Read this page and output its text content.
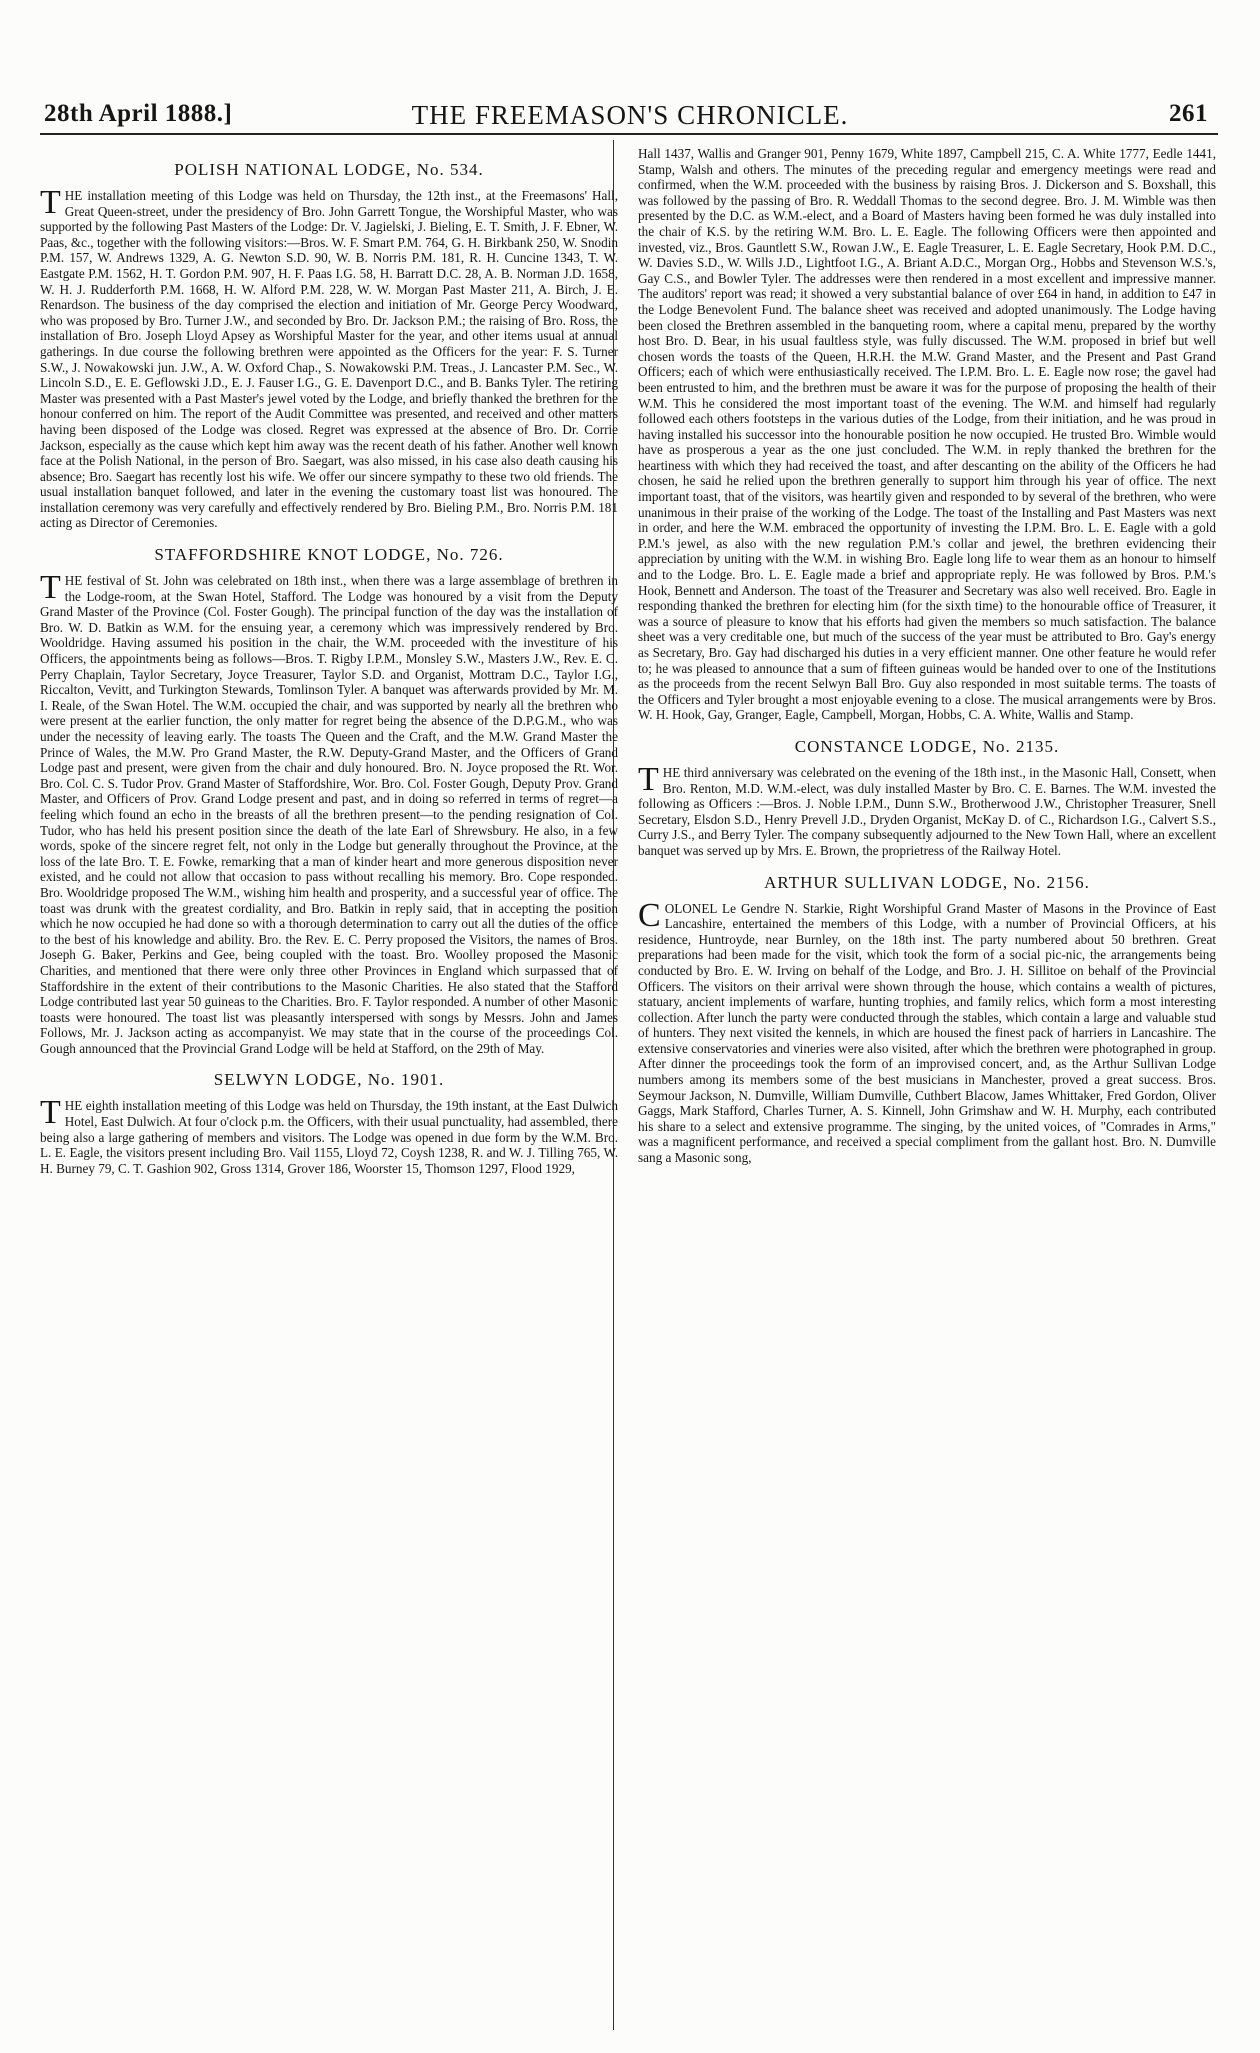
28th April 1888.]	THE FREEMASON'S CHRONICLE.	261
POLISH NATIONAL LODGE, No. 534.

THE installation meeting of this Lodge was held on Thursday, the 12th inst., at the Freemasons' Hall, Great Queen-street, under the presidency of Bro. John Garrett Tongue, the Worshipful Master, who was supported by the following Past Masters of the Lodge: Dr. V. Jagielski, J. Bieling, E. T. Smith, J. F. Ebner, W. Paas, &c., together with the following visitors:—Bros. W. F. Smart P.M. 764, G. H. Birkbank 250, W. Snodin P.M. 157, W. Andrews 1329, A. G. Newton S.D. 90, W. B. Norris P.M. 181, R. H. Cuncine 1343, T. W. Eastgate P.M. 1562, H. T. Gordon P.M. 907, H. F. Paas I.G. 58, H. Barratt D.C. 28, A. B. Norman J.D. 1658, W. H. J. Rudderforth P.M. 1668, H. W. Alford P.M. 228, W. W. Morgan Past Master 211, A. Birch, J. E. Renardson. The business of the day comprised the election and initiation of Mr. George Percy Woodward, who was proposed by Bro. Turner J.W., and seconded by Bro. Dr. Jackson P.M.; the raising of Bro. Ross, the installation of Bro. Joseph Lloyd Apsey as Worshipful Master for the year, and other items usual at annual gatherings. In due course the following brethren were appointed as the Officers for the year: F. S. Turner S.W., J. Nowakowski jun. J.W., A. W. Oxford Chap., S. Nowakowski P.M. Treas., J. Lancaster P.M. Sec., W. Lincoln S.D., E. E. Geflowski J.D., E. J. Fauser I.G., G. E. Davenport D.C., and B. Banks Tyler. The retiring Master was presented with a Past Master's jewel voted by the Lodge, and briefly thanked the brethren for the honour conferred on him. The report of the Audit Committee was presented, and received and other matters having been disposed of the Lodge was closed. Regret was expressed at the absence of Bro. Dr. Corrie Jackson, especially as the cause which kept him away was the recent death of his father. Another well known face at the Polish National, in the person of Bro. Saegart, was also missed, in his case also death causing his absence; Bro. Saegart has recently lost his wife. We offer our sincere sympathy to these two old friends. The usual installation banquet followed, and later in the evening the customary toast list was honoured. The installation ceremony was very carefully and effectively rendered by Bro. Bieling P.M., Bro. Norris P.M. 181 acting as Director of Ceremonies.

STAFFORDSHIRE KNOT LODGE, No. 726.

THE festival of St. John was celebrated on 18th inst., when there was a large assemblage of brethren in the Lodge-room, at the Swan Hotel, Stafford. The Lodge was honoured by a visit from the Deputy Grand Master of the Province (Col. Foster Gough). The principal function of the day was the installation of Bro. W. D. Batkin as W.M. for the ensuing year, a ceremony which was impressively rendered by Bro. Wooldridge. Having assumed his position in the chair, the W.M. proceeded with the investiture of his Officers, the appointments being as follows—Bros. T. Rigby I.P.M., Monsley S.W., Masters J.W., Rev. E. C. Perry Chaplain, Taylor Secretary, Joyce Treasurer, Taylor S.D. and Organist, Mottram D.C., Taylor I.G., Riccalton, Vevitt, and Turkington Stewards, Tomlinson Tyler. A banquet was afterwards provided by Mr. M. I. Reale, of the Swan Hotel. The W.M. occupied the chair, and was supported by nearly all the brethren who were present at the earlier function, the only matter for regret being the absence of the D.P.G.M., who was under the necessity of leaving early. The toasts The Queen and the Craft, and the M.W. Grand Master the Prince of Wales, the M.W. Pro Grand Master, the R.W. Deputy-Grand Master, and the Officers of Grand Lodge past and present, were given from the chair and duly honoured. Bro. N. Joyce proposed the Rt. Wor. Bro. Col. C. S. Tudor Prov. Grand Master of Staffordshire, Wor. Bro. Col. Foster Gough, Deputy Prov. Grand Master, and Officers of Prov. Grand Lodge present and past, and in doing so referred in terms of regret—a feeling which found an echo in the breasts of all the brethren present—to the pending resignation of Col. Tudor, who has held his present position since the death of the late Earl of Shrewsbury. He also, in a few words, spoke of the sincere regret felt, not only in the Lodge but generally throughout the Province, at the loss of the late Bro. T. E. Fowke, remarking that a man of kinder heart and more generous disposition never existed, and he could not allow that occasion to pass without recalling his memory. Bro. Cope responded. Bro. Wooldridge proposed The W.M., wishing him health and prosperity, and a successful year of office. The toast was drunk with the greatest cordiality, and Bro. Batkin in reply said, that in accepting the position which he now occupied he had done so with a thorough determination to carry out all the duties of the office to the best of his knowledge and ability. Bro. the Rev. E. C. Perry proposed the Visitors, the names of Bros. Joseph G. Baker, Perkins and Gee, being coupled with the toast. Bro. Woolley proposed the Masonic Charities, and mentioned that there were only three other Provinces in England which surpassed that of Staffordshire in the extent of their contributions to the Masonic Charities. He also stated that the Stafford Lodge contributed last year 50 guineas to the Charities. Bro. F. Taylor responded. A number of other Masonic toasts were honoured. The toast list was pleasantly interspersed with songs by Messrs. John and James Follows, Mr. J. Jackson acting as accompanyist. We may state that in the course of the proceedings Col. Gough announced that the Provincial Grand Lodge will be held at Stafford, on the 29th of May.

SELWYN LODGE, No. 1901.

THE eighth installation meeting of this Lodge was held on Thursday, the 19th instant, at the East Dulwich Hotel, East Dulwich. At four o'clock p.m. the Officers, with their usual punctuality, had assembled, there being also a large gathering of members and visitors. The Lodge was opened in due form by the W.M. Bro. L. E. Eagle, the visitors present including Bro. Vail 1155, Lloyd 72, Coysh 1238, R. and W. J. Tilling 765, W. H. Burney 79, C. T. Gashion 902, Gross 1314, Grover 186, Woorster 15, Thomson 1297, Flood 1929,

Hall 1437, Wallis and Granger 901, Penny 1679, White 1897, Campbell 215, C. A. White 1777, Eedle 1441, Stamp, Walsh and others. The minutes of the preceding regular and emergency meetings were read and confirmed, when the W.M. proceeded with the business by raising Bros. J. Dickerson and S. Boxshall, this was followed by the passing of Bro. R. Weddall Thomas to the second degree. Bro. J. M. Wimble was then presented by the D.C. as W.M.-elect, and a Board of Masters having been formed he was duly installed into the chair of K.S. by the retiring W.M. Bro. L. E. Eagle. The following Officers were then appointed and invested, viz., Bros. Gauntlett S.W., Rowan J.W., E. Eagle Treasurer, L. E. Eagle Secretary, Hook P.M. D.C., W. Davies S.D., W. Wills J.D., Lightfoot I.G., A. Briant A.D.C., Morgan Org., Hobbs and Stevenson W.S.'s, Gay C.S., and Bowler Tyler. The addresses were then rendered in a most excellent and impressive manner. The auditors' report was read; it showed a very substantial balance of over £64 in hand, in addition to £47 in the Lodge Benevolent Fund. The balance sheet was received and adopted unanimously. The Lodge having been closed the Brethren assembled in the banqueting room, where a capital menu, prepared by the worthy host Bro. D. Bear, in his usual faultless style, was fully discussed. The W.M. proposed in brief but well chosen words the toasts of the Queen, H.R.H. the M.W. Grand Master, and the Present and Past Grand Officers; each of which were enthusiastically received. The I.P.M. Bro. L. E. Eagle now rose; the gavel had been entrusted to him, and the brethren must be aware it was for the purpose of proposing the health of their W.M. This he considered the most important toast of the evening. The W.M. and himself had regularly followed each others footsteps in the various duties of the Lodge, from their initiation, and he was proud in having installed his successor into the honourable position he now occupied. He trusted Bro. Wimble would have as prosperous a year as the one just concluded. The W.M. in reply thanked the brethren for the heartiness with which they had received the toast, and after descanting on the ability of the Officers he had chosen, he said he relied upon the brethren generally to support him through his year of office. The next important toast, that of the visitors, was heartily given and responded to by several of the brethren, who were unanimous in their praise of the working of the Lodge. The toast of the Installing and Past Masters was next in order, and here the W.M. embraced the opportunity of investing the I.P.M. Bro. L. E. Eagle with a gold P.M.'s jewel, as also with the new regulation P.M.'s collar and jewel, the brethren evidencing their appreciation by uniting with the W.M. in wishing Bro. Eagle long life to wear them as an honour to himself and to the Lodge. Bro. L. E. Eagle made a brief and appropriate reply. He was followed by Bros. P.M.'s Hook, Bennett and Anderson. The toast of the Treasurer and Secretary was also well received. Bro. Eagle in responding thanked the brethren for electing him (for the sixth time) to the honourable office of Treasurer, it was a source of pleasure to know that his efforts had given the members so much satisfaction. The balance sheet was a very creditable one, but much of the success of the year must be attributed to Bro. Gay's energy as Secretary, Bro. Gay had discharged his duties in a very efficient manner. One other feature he would refer to; he was pleased to announce that a sum of fifteen guineas would be handed over to one of the Institutions as the proceeds from the recent Selwyn Ball Bro. Guy also responded in most suitable terms. The toasts of the Officers and Tyler brought a most enjoyable evening to a close. The musical arrangements were by Bros. W. H. Hook, Gay, Granger, Eagle, Campbell, Morgan, Hobbs, C. A. White, Wallis and Stamp.

CONSTANCE LODGE, No. 2135.

THE third anniversary was celebrated on the evening of the 18th inst., in the Masonic Hall, Consett, when Bro. Renton, M.D. W.M.-elect, was duly installed Master by Bro. C. E. Barnes. The W.M. invested the following as Officers :—Bros. J. Noble I.P.M., Dunn S.W., Brotherwood J.W., Christopher Treasurer, Snell Secretary, Elsdon S.D., Henry Prevell J.D., Dryden Organist, McKay D. of C., Richardson I.G., Calvert S.S., Curry J.S., and Berry Tyler. The company subsequently adjourned to the New Town Hall, where an excellent banquet was served up by Mrs. E. Brown, the proprietress of the Railway Hotel.

ARTHUR SULLIVAN LODGE, No. 2156.

COLONEL Le Gendre N. Starkie, Right Worshipful Grand Master of Masons in the Province of East Lancashire, entertained the members of this Lodge, with a number of Provincial Officers, at his residence, Huntroyde, near Burnley, on the 18th inst. The party numbered about 50 brethren. Great preparations had been made for the visit, which took the form of a social pic-nic, the arrangements being conducted by Bro. E. W. Irving on behalf of the Lodge, and Bro. J. H. Sillitoe on behalf of the Provincial Officers. The visitors on their arrival were shown through the house, which contains a wealth of pictures, statuary, ancient implements of warfare, hunting trophies, and family relics, which form a most interesting collection. After lunch the party were conducted through the stables, which contain a large and valuable stud of hunters. They next visited the kennels, in which are housed the finest pack of harriers in Lancashire. The extensive conservatories and vineries were also visited, after which the brethren were photographed in group. After dinner the proceedings took the form of an improvised concert, and, as the Arthur Sullivan Lodge numbers among its members some of the best musicians in Manchester, proved a great success. Bros. Seymour Jackson, N. Dumville, William Dumville, Cuthbert Blacow, James Whittaker, Fred Gordon, Oliver Gaggs, Mark Stafford, Charles Turner, A. S. Kinnell, John Grimshaw and W. H. Murphy, each contributed his share to a select and extensive programme. The singing, by the united voices, of "Comrades in Arms," was a magnificent performance, and received a special compliment from the gallant host. Bro. N. Dumville sang a Masonic song,
